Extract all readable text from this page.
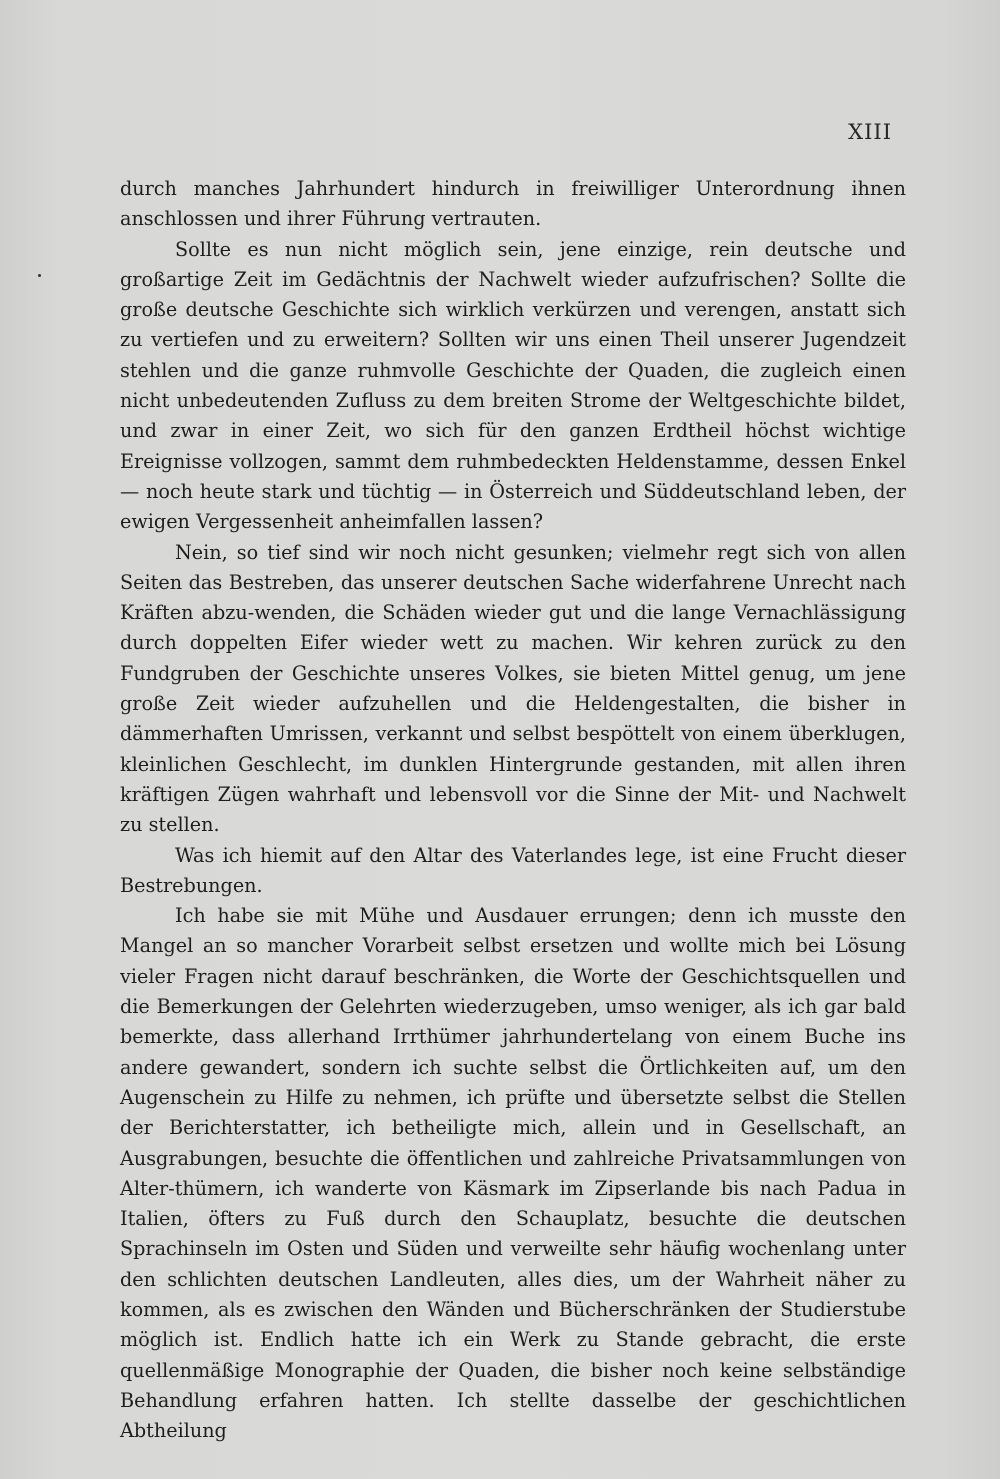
XIII

durch manches Jahrhundert hindurch in freiwilliger Unterordnung ihnen anschlossen und ihrer Führung vertrauten.

Sollte es nun nicht möglich sein, jene einzige, rein deutsche und großartige Zeit im Gedächtnis der Nachwelt wieder aufzufrischen? Sollte die große deutsche Geschichte sich wirklich verkürzen und verengen, anstatt sich zu vertiefen und zu erweitern? Sollten wir uns einen Theil unserer Jugendzeit stehlen und die ganze ruhmvolle Geschichte der Quaden, die zugleich einen nicht unbedeutenden Zufluss zu dem breiten Strome der Weltgeschichte bildet, und zwar in einer Zeit, wo sich für den ganzen Erdtheil höchst wichtige Ereignisse vollzogen, sammt dem ruhmbedeckten Heldenstamme, dessen Enkel — noch heute stark und tüchtig — in Österreich und Süddeutschland leben, der ewigen Vergessenheit anheimfallen lassen?

Nein, so tief sind wir noch nicht gesunken; vielmehr regt sich von allen Seiten das Bestreben, das unserer deutschen Sache widerfahrene Unrecht nach Kräften abzu-wenden, die Schäden wieder gut und die lange Vernachlässigung durch doppelten Eifer wieder wett zu machen. Wir kehren zurück zu den Fundgruben der Geschichte unseres Volkes, sie bieten Mittel genug, um jene große Zeit wieder aufzuhellen und die Heldengestalten, die bisher in dämmerhaften Umrissen, verkannt und selbst bespöttelt von einem überklugen, kleinlichen Geschlecht, im dunklen Hintergrunde gestanden, mit allen ihren kräftigen Zügen wahrhaft und lebensvoll vor die Sinne der Mit- und Nachwelt zu stellen.

Was ich hiemit auf den Altar des Vaterlandes lege, ist eine Frucht dieser Bestrebungen.

Ich habe sie mit Mühe und Ausdauer errungen; denn ich musste den Mangel an so mancher Vorarbeit selbst ersetzen und wollte mich bei Lösung vieler Fragen nicht darauf beschränken, die Worte der Geschichtsquellen und die Bemerkungen der Gelehrten wiederzugeben, umso weniger, als ich gar bald bemerkte, dass allerhand Irrthümer jahrhundertelang von einem Buche ins andere gewandert, sondern ich suchte selbst die Örtlichkeiten auf, um den Augenschein zu Hilfe zu nehmen, ich prüfte und übersetzte selbst die Stellen der Berichterstatter, ich betheiligte mich, allein und in Gesellschaft, an Ausgrabungen, besuchte die öffentlichen und zahlreiche Privatsammlungen von Alter-thümern, ich wanderte von Käsmark im Zipserlande bis nach Padua in Italien, öfters zu Fuß durch den Schauplatz, besuchte die deutschen Sprachinseln im Osten und Süden und verweilte sehr häufig wochenlang unter den schlichten deutschen Landleuten, alles dies, um der Wahrheit näher zu kommen, als es zwischen den Wänden und Bücherschränken der Studierstube möglich ist. Endlich hatte ich ein Werk zu Stande gebracht, die erste quellenmäßige Monographie der Quaden, die bisher noch keine selbständige Behandlung erfahren hatten. Ich stellte dasselbe der geschichtlichen Abtheilung
